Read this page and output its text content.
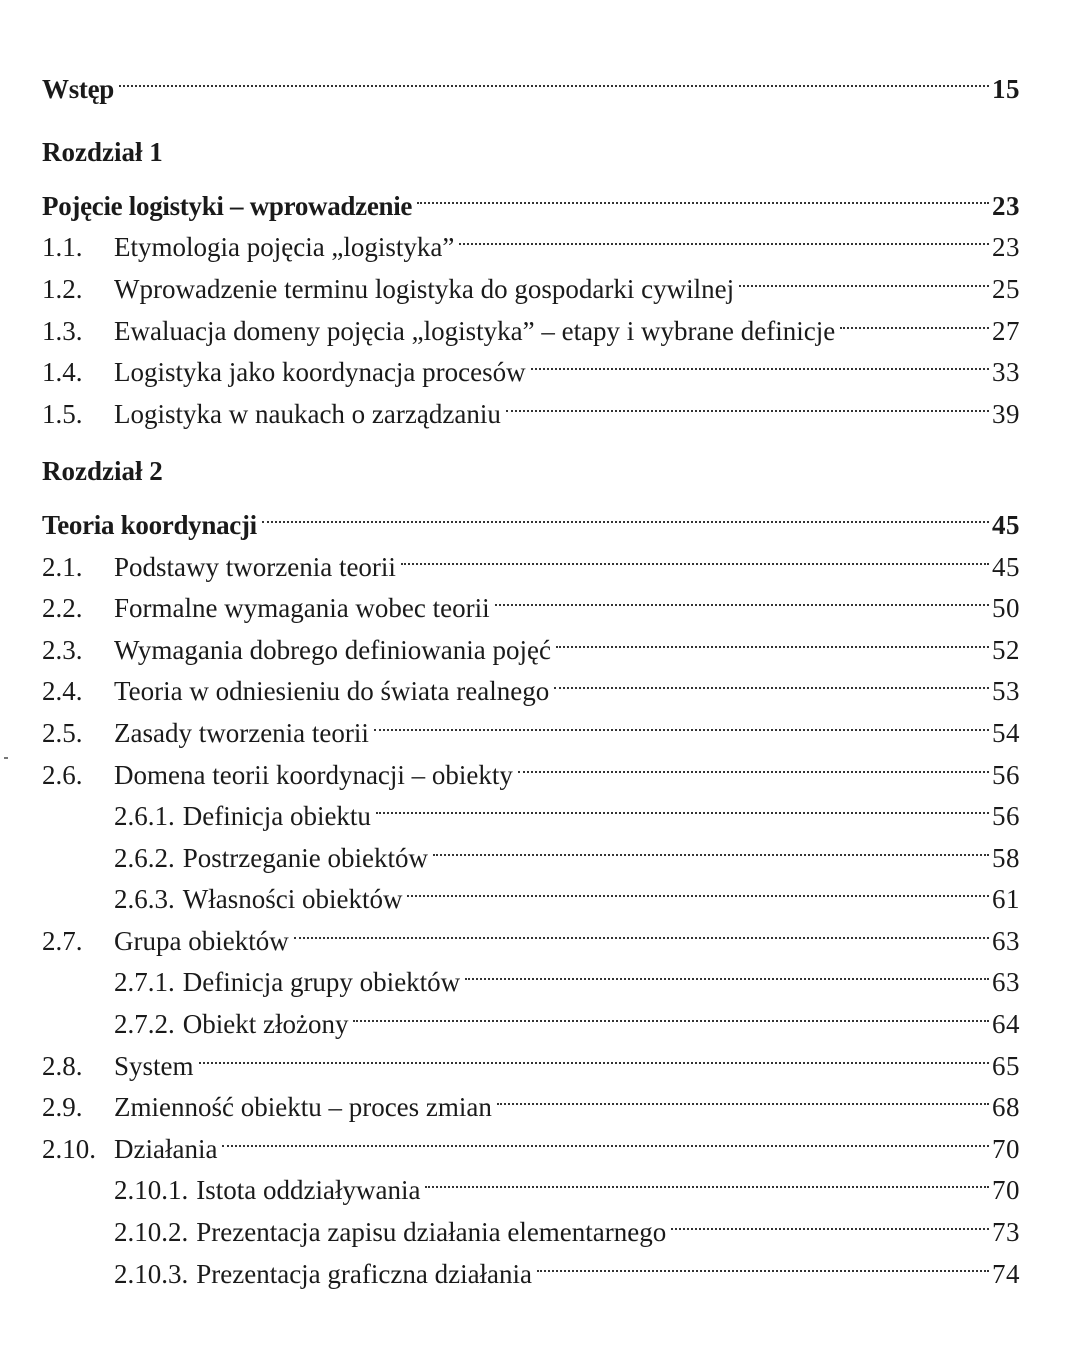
Wstęp	15
Rozdział 1
Pojęcie logistyki – wprowadzenie	23
1.1.	Etymologia pojęcia „logistyka”	23
1.2.	Wprowadzenie terminu logistyka do gospodarki cywilnej	25
1.3.	Ewaluacja domeny pojęcia „logistyka” – etapy i wybrane definicje	27
1.4.	Logistyka jako koordynacja procesów	33
1.5.	Logistyka w naukach o zarządzaniu	39
Rozdział 2
Teoria koordynacji	45
2.1.	Podstawy tworzenia teorii	45
2.2.	Formalne wymagania wobec teorii	50
2.3.	Wymagania dobrego definiowania pojęć	52
2.4.	Teoria w odniesieniu do świata realnego	53
2.5.	Zasady tworzenia teorii	54
2.6.	Domena teorii koordynacji – obiekty	56
2.6.1. Definicja obiektu	56
2.6.2. Postrzeganie obiektów	58
2.6.3. Własności obiektów	61
2.7.	Grupa obiektów	63
2.7.1. Definicja grupy obiektów	63
2.7.2. Obiekt złożony	64
2.8.	System	65
2.9.	Zmienność obiektu – proces zmian	68
2.10. Działania	70
2.10.1. Istota oddziaływania	70
2.10.2. Prezentacja zapisu działania elementarnego	73
2.10.3. Prezentacja graficzna działania	74
